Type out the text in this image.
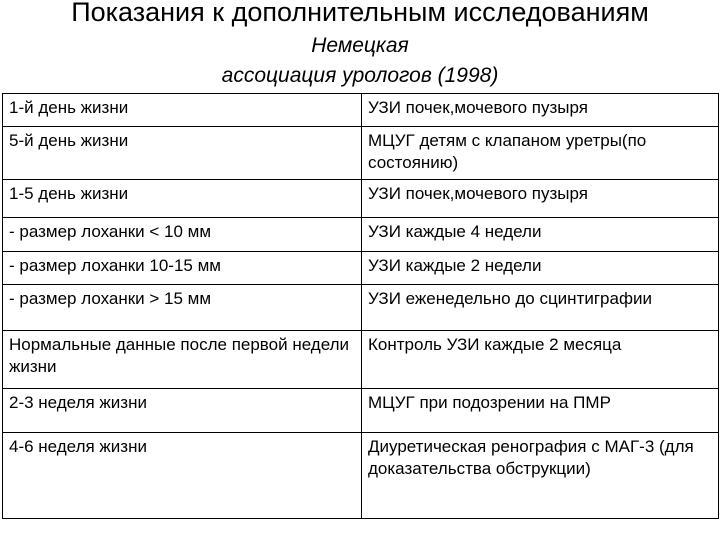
Показания к дополнительным исследованиям
Немецкая
ассоциация урологов (1998)
1-й день жизни	УЗИ почек,мочевого пузыря
5-й день жизни	МЦУГ детям с клапаном уретры(по состоянию)
1-5 день жизни	УЗИ почек,мочевого пузыря
- размер лоханки < 10 мм	УЗИ каждые 4 недели
- размер лоханки 10-15 мм	УЗИ каждые 2 недели
- размер лоханки > 15 мм	УЗИ еженедельно до сцинтиграфии
Нормальные данные после первой недели жизни	Контроль УЗИ каждые 2 месяца
2-3 неделя жизни	МЦУГ при подозрении на ПМР
4-6 неделя жизни	Диуретическая ренография с МАГ-3 (для доказательства обструкции)
